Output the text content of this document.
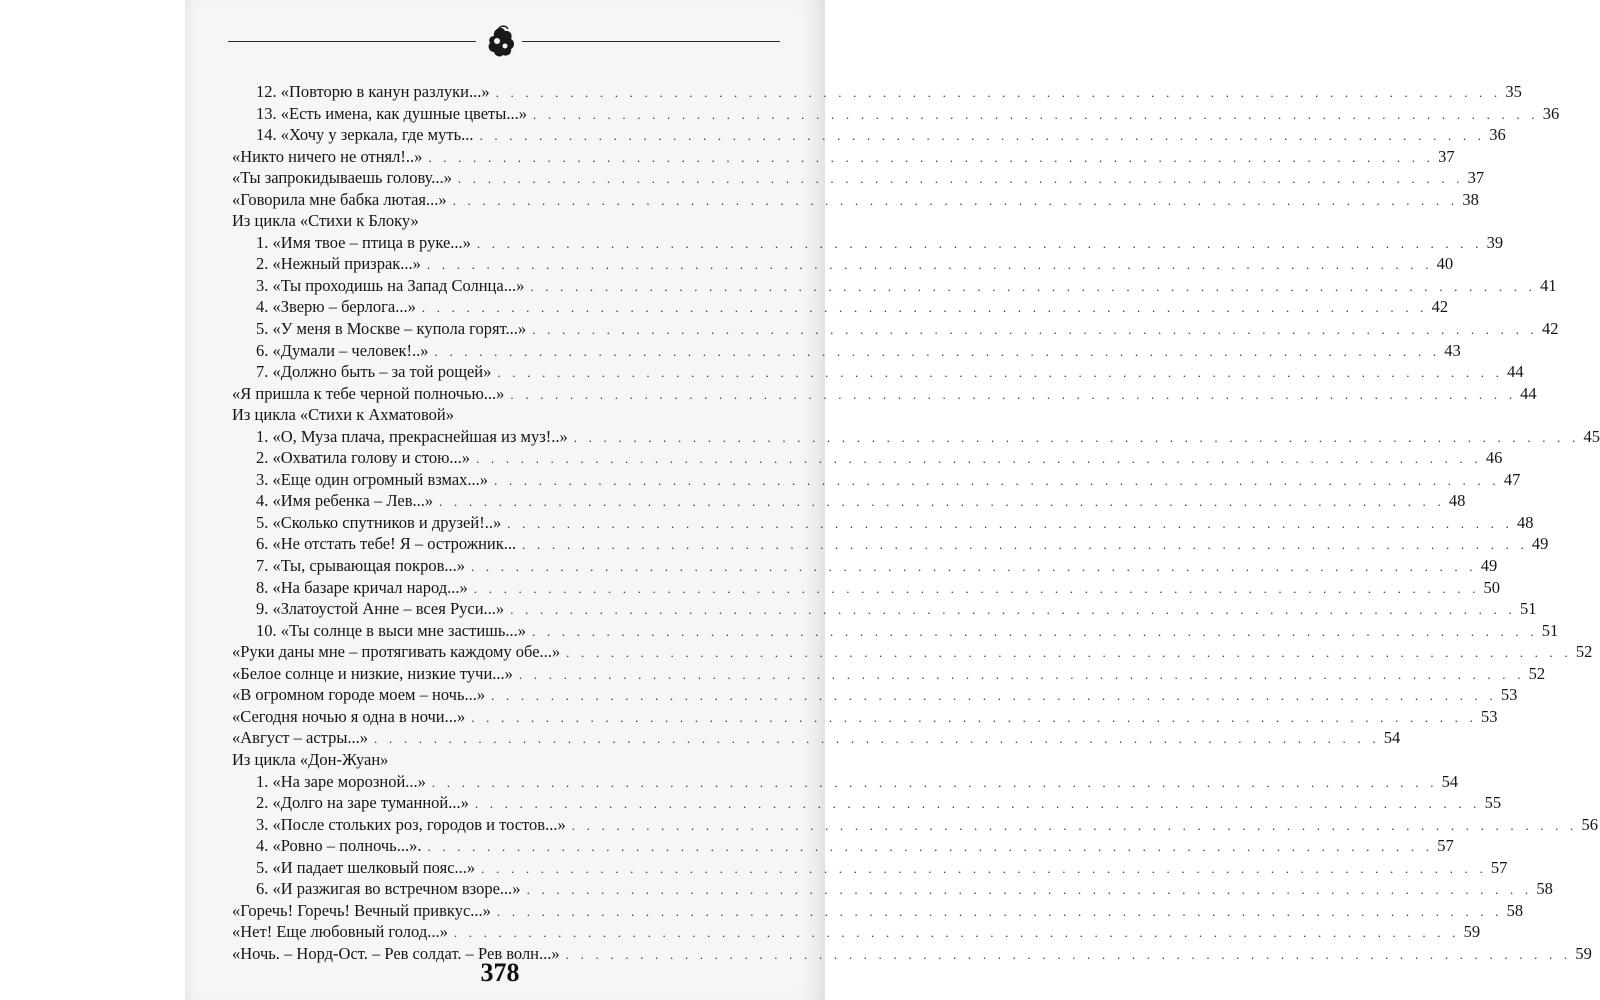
12. «Повторю в канун разлуки...» . . . . . . . . . . . . . . . . . . . . . . . . . . . . . . . . . . . . . . . . . . . . . . . . . . . . . . . . . . . . . . . . . . . . 35
13. «Есть имена, как душные цветы...» . . . . . . . . . . . . . . . . . . . . . . . . . . . . . . . . . . . . . . . . . . . . . . . . . . . . . . . . . . . . . . . . . . . . 36
14. «Хочу у зеркала, где муть... . . . . . . . . . . . . . . . . . . . . . . . . . . . . . . . . . . . . . . . . . . . . . . . . . . . . . . . . . . . . . . . . . . . . 36
«Никто ничего не отнял!..» . . . . . . . . . . . . . . . . . . . . . . . . . . . . . . . . . . . . . . . . . . . . . . . . . . . . . . . . . . . . . . . . . . . . 37
«Ты запрокидываешь голову...» . . . . . . . . . . . . . . . . . . . . . . . . . . . . . . . . . . . . . . . . . . . . . . . . . . . . . . . . . . . . . . . . . . . . 37
«Говорила мне бабка лютая...» . . . . . . . . . . . . . . . . . . . . . . . . . . . . . . . . . . . . . . . . . . . . . . . . . . . . . . . . . . . . . . . . . . . . 38
Из цикла «Стихи к Блоку»
1. «Имя твое – птица в руке...» . . . . . . . . . . . . . . . . . . . . . . . . . . . . . . . . . . . . . . . . . . . . . . . . . . . . . . . . . . . . . . . . . . . . 39
2. «Нежный призрак...» . . . . . . . . . . . . . . . . . . . . . . . . . . . . . . . . . . . . . . . . . . . . . . . . . . . . . . . . . . . . . . . . . . . . 40
3. «Ты проходишь на Запад Солнца...» . . . . . . . . . . . . . . . . . . . . . . . . . . . . . . . . . . . . . . . . . . . . . . . . . . . . . . . . . . . . . . . . . . . . 41
4. «Зверю – берлога...» . . . . . . . . . . . . . . . . . . . . . . . . . . . . . . . . . . . . . . . . . . . . . . . . . . . . . . . . . . . . . . . . . . . . 42
5. «У меня в Москве – купола горят...» . . . . . . . . . . . . . . . . . . . . . . . . . . . . . . . . . . . . . . . . . . . . . . . . . . . . . . . . . . . . . . . . . . . . 42
6. «Думали – человек!..» . . . . . . . . . . . . . . . . . . . . . . . . . . . . . . . . . . . . . . . . . . . . . . . . . . . . . . . . . . . . . . . . . . . . 43
7. «Должно быть – за той рощей» . . . . . . . . . . . . . . . . . . . . . . . . . . . . . . . . . . . . . . . . . . . . . . . . . . . . . . . . . . . . . . . . . . . . 44
«Я пришла к тебе черной полночью...» . . . . . . . . . . . . . . . . . . . . . . . . . . . . . . . . . . . . . . . . . . . . . . . . . . . . . . . . . . . . . . . . . . . . 44
Из цикла «Стихи к Ахматовой»
1. «О, Муза плача, прекраснейшая из муз!..» . . . . . . . . . . . . . . . . . . . . . . . . . . . . . . . . . . . . . . . . . . . . . . . . . . . . . . . . . . . . . . . . . . . . 45
2. «Охватила голову и стою...» . . . . . . . . . . . . . . . . . . . . . . . . . . . . . . . . . . . . . . . . . . . . . . . . . . . . . . . . . . . . . . . . . . . . 46
3. «Еще один огромный взмах...» . . . . . . . . . . . . . . . . . . . . . . . . . . . . . . . . . . . . . . . . . . . . . . . . . . . . . . . . . . . . . . . . . . . . 47
4. «Имя ребенка – Лев...» . . . . . . . . . . . . . . . . . . . . . . . . . . . . . . . . . . . . . . . . . . . . . . . . . . . . . . . . . . . . . . . . . . . . 48
5. «Сколько спутников и друзей!..» . . . . . . . . . . . . . . . . . . . . . . . . . . . . . . . . . . . . . . . . . . . . . . . . . . . . . . . . . . . . . . . . . . . . 48
6. «Не отстать тебе! Я – острожник... . . . . . . . . . . . . . . . . . . . . . . . . . . . . . . . . . . . . . . . . . . . . . . . . . . . . . . . . . . . . . . . . . . . . 49
7. «Ты, срывающая покров...» . . . . . . . . . . . . . . . . . . . . . . . . . . . . . . . . . . . . . . . . . . . . . . . . . . . . . . . . . . . . . . . . . . . . 49
8. «На базаре кричал народ...» . . . . . . . . . . . . . . . . . . . . . . . . . . . . . . . . . . . . . . . . . . . . . . . . . . . . . . . . . . . . . . . . . . . . 50
9. «Златоустой Анне – всея Руси...» . . . . . . . . . . . . . . . . . . . . . . . . . . . . . . . . . . . . . . . . . . . . . . . . . . . . . . . . . . . . . . . . . . . . 51
10. «Ты солнце в выси мне застишь...» . . . . . . . . . . . . . . . . . . . . . . . . . . . . . . . . . . . . . . . . . . . . . . . . . . . . . . . . . . . . . . . . . . . . 51
«Руки даны мне – протягивать каждому обе...» . . . . . . . . . . . . . . . . . . . . . . . . . . . . . . . . . . . . . . . . . . . . . . . . . . . . . . . . . . . . . . . . . . . . 52
«Белое солнце и низкие, низкие тучи...» . . . . . . . . . . . . . . . . . . . . . . . . . . . . . . . . . . . . . . . . . . . . . . . . . . . . . . . . . . . . . . . . . . . . 52
«В огромном городе моем – ночь...» . . . . . . . . . . . . . . . . . . . . . . . . . . . . . . . . . . . . . . . . . . . . . . . . . . . . . . . . . . . . . . . . . . . . 53
«Сегодня ночью я одна в ночи...» . . . . . . . . . . . . . . . . . . . . . . . . . . . . . . . . . . . . . . . . . . . . . . . . . . . . . . . . . . . . . . . . . . . . 53
«Август – астры...» . . . . . . . . . . . . . . . . . . . . . . . . . . . . . . . . . . . . . . . . . . . . . . . . . . . . . . . . . . . . . . . . . . . . 54
Из цикла «Дон-Жуан»
1. «На заре морозной...» . . . . . . . . . . . . . . . . . . . . . . . . . . . . . . . . . . . . . . . . . . . . . . . . . . . . . . . . . . . . . . . . . . . . 54
2. «Долго на заре туманной...» . . . . . . . . . . . . . . . . . . . . . . . . . . . . . . . . . . . . . . . . . . . . . . . . . . . . . . . . . . . . . . . . . . . . 55
3. «После стольких роз, городов и тостов...» . . . . . . . . . . . . . . . . . . . . . . . . . . . . . . . . . . . . . . . . . . . . . . . . . . . . . . . . . . . . . . . . . . . . 56
4. «Ровно – полночь...». . . . . . . . . . . . . . . . . . . . . . . . . . . . . . . . . . . . . . . . . . . . . . . . . . . . . . . . . . . . . . . . . . . . . 57
5. «И падает шелковый пояс...» . . . . . . . . . . . . . . . . . . . . . . . . . . . . . . . . . . . . . . . . . . . . . . . . . . . . . . . . . . . . . . . . . . . . 57
6. «И разжигая во встречном взоре...» . . . . . . . . . . . . . . . . . . . . . . . . . . . . . . . . . . . . . . . . . . . . . . . . . . . . . . . . . . . . . . . . . . . . 58
«Горечь! Горечь! Вечный привкус...» . . . . . . . . . . . . . . . . . . . . . . . . . . . . . . . . . . . . . . . . . . . . . . . . . . . . . . . . . . . . . . . . . . . . 58
«Нет! Еще любовный голод...» . . . . . . . . . . . . . . . . . . . . . . . . . . . . . . . . . . . . . . . . . . . . . . . . . . . . . . . . . . . . . . . . . . . . 59
«Ночь. – Норд-Ост. – Рев солдат. – Рев волн...» . . . . . . . . . . . . . . . . . . . . . . . . . . . . . . . . . . . . . . . . . . . . . . . . . . . . . . . . . . . . . . . . . . . . 59
378
